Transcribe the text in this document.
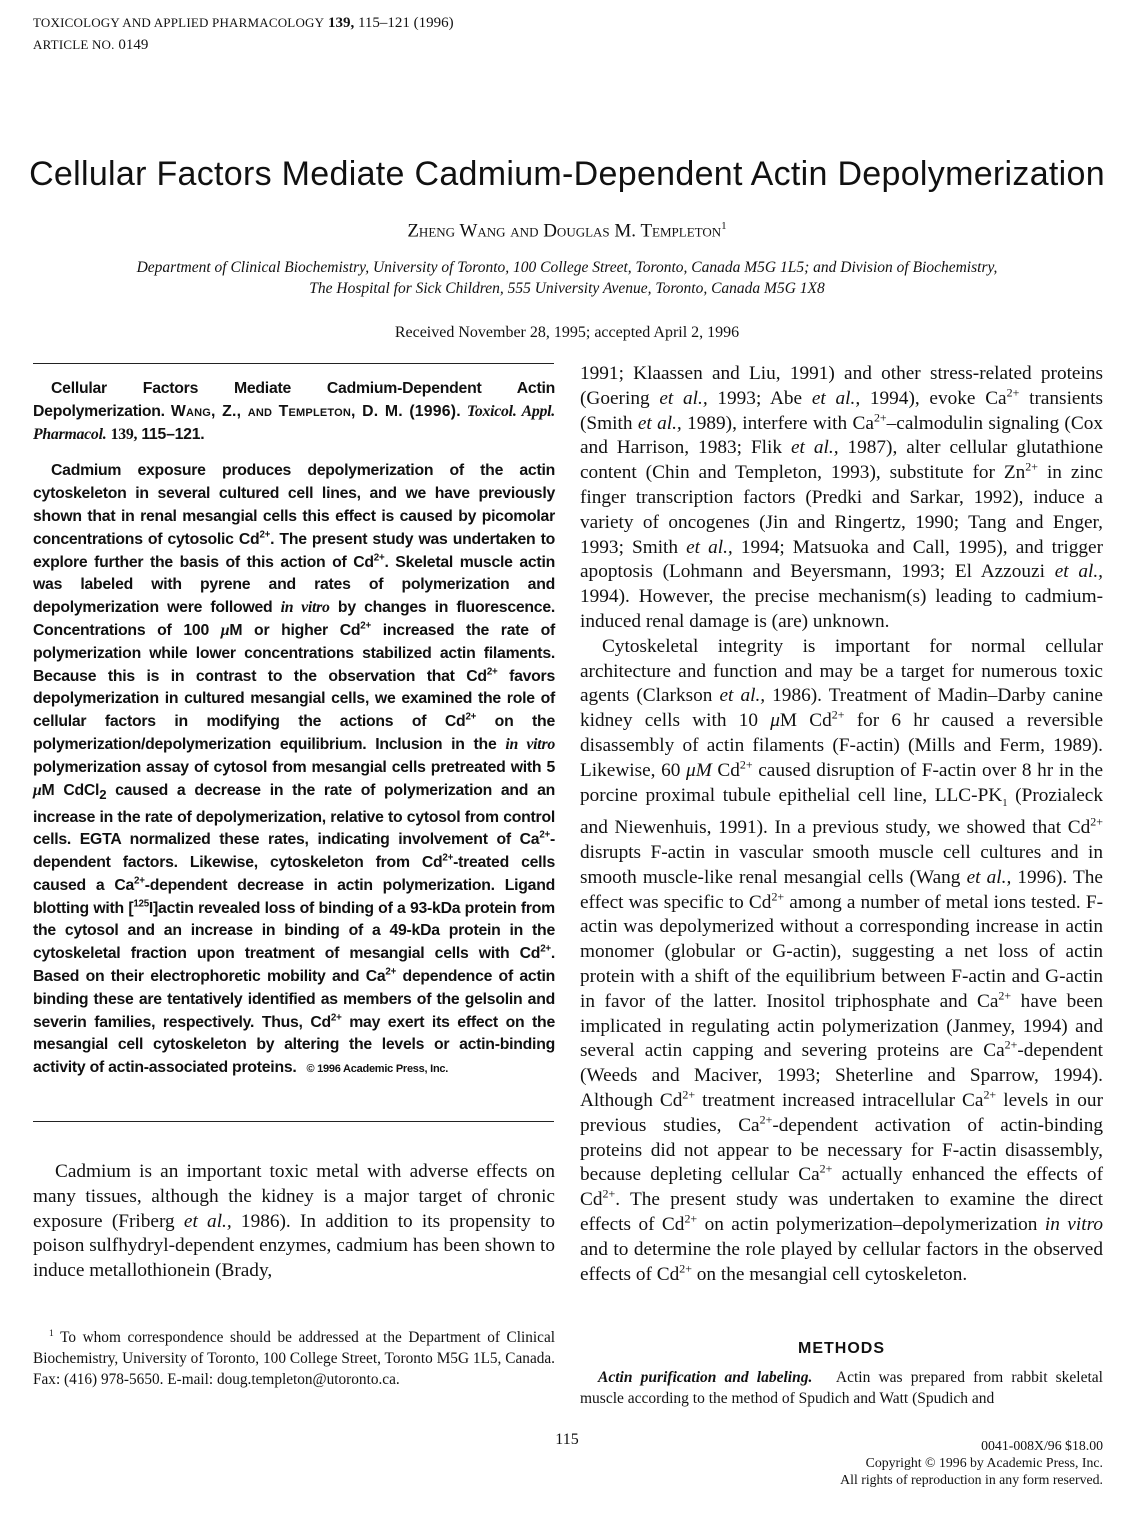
TOXICOLOGY AND APPLIED PHARMACOLOGY 139, 115–121 (1996)
ARTICLE NO. 0149
Cellular Factors Mediate Cadmium-Dependent Actin Depolymerization
Zheng Wang and Douglas M. Templeton$^1$
Department of Clinical Biochemistry, University of Toronto, 100 College Street, Toronto, Canada M5G 1L5; and Division of Biochemistry,
The Hospital for Sick Children, 555 University Avenue, Toronto, Canada M5G 1X8
Received November 28, 1995; accepted April 2, 1996

Cellular Factors Mediate Cadmium-Dependent Actin Depolymerization. Wang, Z., and Templeton, D. M. (1996). Toxicol. Appl. Pharmacol. 139, 115–121.

Cadmium exposure produces depolymerization of the actin cytoskeleton in several cultured cell lines, and we have previously shown that in renal mesangial cells this effect is caused by picomolar concentrations of cytosolic $Cd^{2+}$. The present study was undertaken to explore further the basis of this action of $Cd^{2+}$. Skeletal muscle actin was labeled with pyrene and rates of polymerization and depolymerization were followed in vitro by changes in fluorescence. Concentrations of 100 μM or higher $Cd^{2+}$ increased the rate of polymerization while lower concentrations stabilized actin filaments. Because this is in contrast to the observation that $Cd^{2+}$ favors depolymerization in cultured mesangial cells, we examined the role of cellular factors in modifying the actions of $Cd^{2+}$ on the polymerization/depolymerization equilibrium. Inclusion in the in vitro polymerization assay of cytosol from mesangial cells pretreated with 5 μM CdCl$_2$ caused a decrease in the rate of polymerization and an increase in the rate of depolymerization, relative to cytosol from control cells. EGTA normalized these rates, indicating involvement of $Ca^{2+}$-dependent factors. Likewise, cytoskeleton from $Cd^{2+}$-treated cells caused a $Ca^{2+}$-dependent decrease in actin polymerization. Ligand blotting with [$^{125}$I]actin revealed loss of binding of a 93-kDa protein from the cytosol and an increase in binding of a 49-kDa protein in the cytoskeletal fraction upon treatment of mesangial cells with $Cd^{2+}$. Based on their electrophoretic mobility and $Ca^{2+}$ dependence of actin binding these are tentatively identified as members of the gelsolin and severin families, respectively. Thus, $Cd^{2+}$ may exert its effect on the mesangial cell cytoskeleton by altering the levels or actin-binding activity of actin-associated proteins. © 1996 Academic Press, Inc.

Cadmium is an important toxic metal with adverse effects on many tissues, although the kidney is a major target of chronic exposure (Friberg et al., 1986). In addition to its propensity to poison sulfhydryl-dependent enzymes, cadmium has been shown to induce metallothionein (Brady,

$^1$ To whom correspondence should be addressed at the Department of Clinical Biochemistry, University of Toronto, 100 College Street, Toronto M5G 1L5, Canada. Fax: (416) 978-5650. E-mail: doug.templeton@utoronto.ca.

1991; Klaassen and Liu, 1991) and other stress-related proteins (Goering et al., 1993; Abe et al., 1994), evoke $Ca^{2+}$ transients (Smith et al., 1989), interfere with $Ca^{2+}$–calmodulin signaling (Cox and Harrison, 1983; Flik et al., 1987), alter cellular glutathione content (Chin and Templeton, 1993), substitute for $Zn^{2+}$ in zinc finger transcription factors (Predki and Sarkar, 1992), induce a variety of oncogenes (Jin and Ringertz, 1990; Tang and Enger, 1993; Smith et al., 1994; Matsuoka and Call, 1995), and trigger apoptosis (Lohmann and Beyersmann, 1993; El Azzouzi et al., 1994). However, the precise mechanism(s) leading to cadmium-induced renal damage is (are) unknown.

Cytoskeletal integrity is important for normal cellular architecture and function and may be a target for numerous toxic agents (Clarkson et al., 1986). Treatment of Madin–Darby canine kidney cells with 10 μM $Cd^{2+}$ for 6 hr caused a reversible disassembly of actin filaments (F-actin) (Mills and Ferm, 1989). Likewise, 60 μM $Cd^{2+}$ caused disruption of F-actin over 8 hr in the porcine proximal tubule epithelial cell line, LLC-$PK_1$ (Prozialeck and Niewenhuis, 1991). In a previous study, we showed that $Cd^{2+}$ disrupts F-actin in vascular smooth muscle cell cultures and in smooth muscle-like renal mesangial cells (Wang et al., 1996). The effect was specific to $Cd^{2+}$ among a number of metal ions tested. F-actin was depolymerized without a corresponding increase in actin monomer (globular or G-actin), suggesting a net loss of actin protein with a shift of the equilibrium between F-actin and G-actin in favor of the latter. Inositol triphosphate and $Ca^{2+}$ have been implicated in regulating actin polymerization (Janmey, 1994) and several actin capping and severing proteins are $Ca^{2+}$-dependent (Weeds and Maciver, 1993; Sheterline and Sparrow, 1994). Although $Cd^{2+}$ treatment increased intracellular $Ca^{2+}$ levels in our previous studies, $Ca^{2+}$-dependent activation of actin-binding proteins did not appear to be necessary for F-actin disassembly, because depleting cellular $Ca^{2+}$ actually enhanced the effects of $Cd^{2+}$. The present study was undertaken to examine the direct effects of $Cd^{2+}$ on actin polymerization–depolymerization in vitro and to determine the role played by cellular factors in the observed effects of $Cd^{2+}$ on the mesangial cell cytoskeleton.

METHODS

Actin purification and labeling. Actin was prepared from rabbit skeletal muscle according to the method of Spudich and Watt (Spudich and

115	0041-008X/96 $18.00
Copyright © 1996 by Academic Press, Inc.
All rights of reproduction in any form reserved.
